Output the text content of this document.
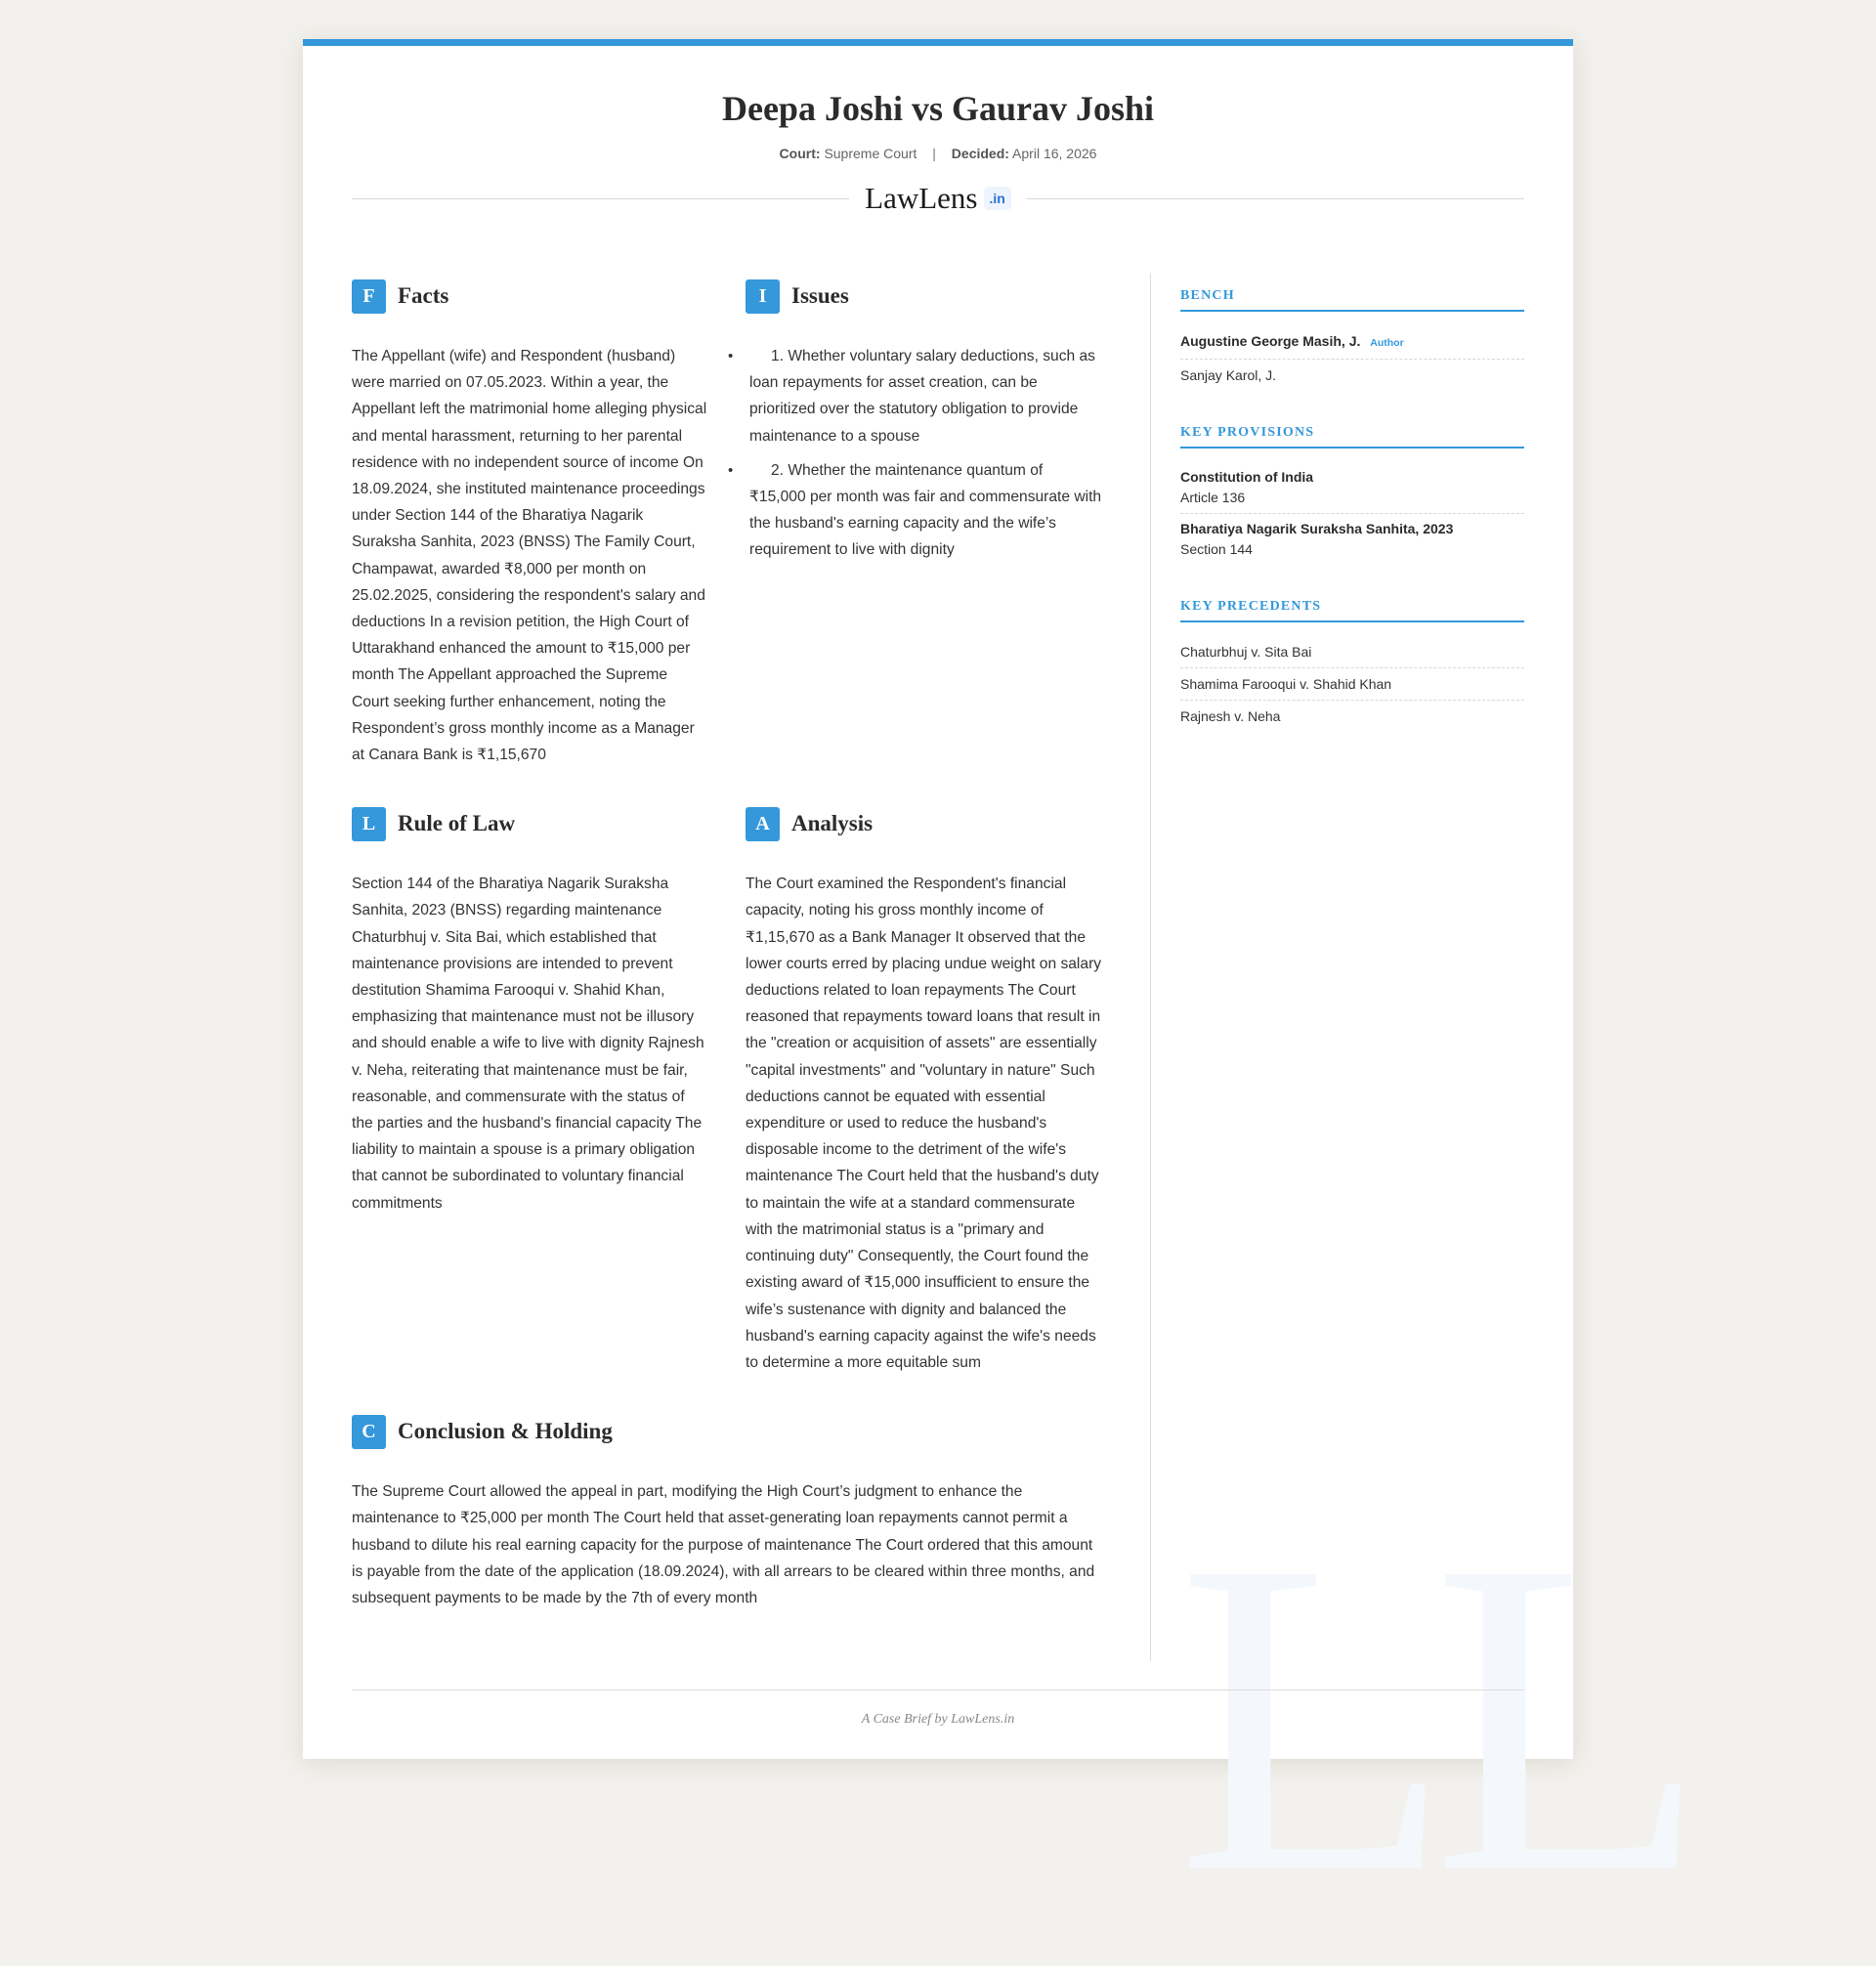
LL
Deepa Joshi vs Gaurav Joshi
Court: Supreme Court | Decided: April 16, 2026
LawLens .in
F	Facts

The Appellant (wife) and Respondent (husband) were married on 07.05.2023. Within a year, the Appellant left the matrimonial home alleging physical and mental harassment, returning to her parental residence with no independent source of income On 18.09.2024, she instituted maintenance proceedings under Section 144 of the Bharatiya Nagarik Suraksha Sanhita, 2023 (BNSS) The Family Court, Champawat, awarded ₹8,000 per month on 25.02.2025, considering the respondent's salary and deductions In a revision petition, the High Court of Uttarakhand enhanced the amount to ₹15,000 per month The Appellant approached the Supreme Court seeking further enhancement, noting the Respondent’s gross monthly income as a Manager at Canara Bank is ₹1,15,670

I	Issues
• 1. Whether voluntary salary deductions, such as loan repayments for asset creation, can be prioritized over the statutory obligation to provide maintenance to a spouse
• 2. Whether the maintenance quantum of ₹15,000 per month was fair and commensurate with the husband's earning capacity and the wife’s requirement to live with dignity
L Rule of Law

Section 144 of the Bharatiya Nagarik Suraksha Sanhita, 2023 (BNSS) regarding maintenance Chaturbhuj v. Sita Bai, which established that maintenance provisions are intended to prevent destitution Shamima Farooqui v. Shahid Khan, emphasizing that maintenance must not be illusory and should enable a wife to live with dignity Rajnesh v. Neha, reiterating that maintenance must be fair, reasonable, and commensurate with the status of the parties and the husband's financial capacity The liability to maintain a spouse is a primary obligation that cannot be subordinated to voluntary financial commitments

A Analysis

The Court examined the Respondent's financial capacity, noting his gross monthly income of ₹1,15,670 as a Bank Manager It observed that the lower courts erred by placing undue weight on salary deductions related to loan repayments The Court reasoned that repayments toward loans that result in the "creation or acquisition of assets" are essentially "capital investments" and "voluntary in nature" Such deductions cannot be equated with essential expenditure or used to reduce the husband's disposable income to the detriment of the wife's maintenance The Court held that the husband's duty to maintain the wife at a standard commensurate with the matrimonial status is a "primary and continuing duty" Consequently, the Court found the existing award of ₹15,000 insufficient to ensure the wife’s sustenance with dignity and balanced the husband's earning capacity against the wife's needs to determine a more equitable sum

C Conclusion & Holding

The Supreme Court allowed the appeal in part, modifying the High Court’s judgment to enhance the maintenance to ₹25,000 per month The Court held that asset-generating loan repayments cannot permit a husband to dilute his real earning capacity for the purpose of maintenance The Court ordered that this amount is payable from the date of the application (18.09.2024), with all arrears to be cleared within three months, and subsequent payments to be made by the 7th of every month

BENCH
Augustine George Masih, J. Author
Sanjay Karol, J.
KEY PROVISIONS
Constitution of India
Article 136
Bharatiya Nagarik Suraksha Sanhita, 2023
Section 144
KEY PRECEDENTS
Chaturbhuj v. Sita Bai
Shamima Farooqui v. Shahid Khan
Rajnesh v. Neha
A Case Brief by LawLens.in
